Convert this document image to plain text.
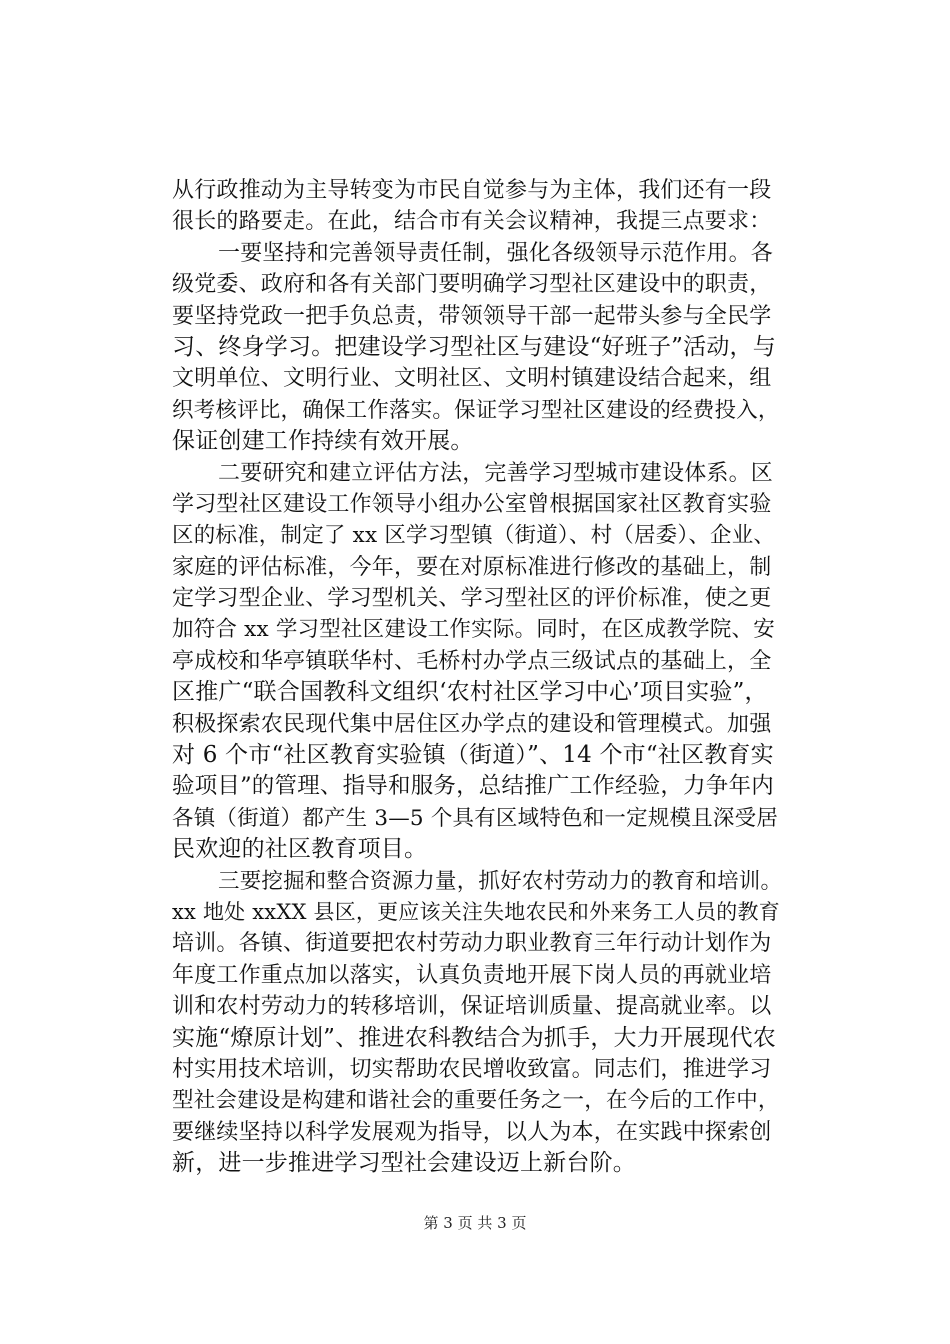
从行政推动为主导转变为市民自觉参与为主体，我们还有一段
很长的路要走。在此，结合市有关会议精神，我提三点要求：
一要坚持和完善领导责任制，强化各级领导示范作用。各
级党委、政府和各有关部门要明确学习型社区建设中的职责，
要坚持党政一把手负总责，带领领导干部一起带头参与全民学
习、终身学习。把建设学习型社区与建设“好班子”活动，与
文明单位、文明行业、文明社区、文明村镇建设结合起来，组
织考核评比，确保工作落实。保证学习型社区建设的经费投入，
保证创建工作持续有效开展。
二要研究和建立评估方法，完善学习型城市建设体系。区
学习型社区建设工作领导小组办公室曾根据国家社区教育实验
区的标准，制定了 xx 区学习型镇（街道）、村（居委）、企业、
家庭的评估标准，今年，要在对原标准进行修改的基础上，制
定学习型企业、学习型机关、学习型社区的评价标准，使之更
加符合 xx 学习型社区建设工作实际。同时，在区成教学院、安
亭成校和华亭镇联华村、毛桥村办学点三级试点的基础上，全
区推广“联合国教科文组织‘农村社区学习中心’项目实验”，
积极探索农民现代集中居住区办学点的建设和管理模式。加强
对 6 个市“社区教育实验镇（街道）”、14 个市“社区教育实
验项目”的管理、指导和服务，总结推广工作经验，力争年内
各镇（街道）都产生 3—5 个具有区域特色和一定规模且深受居
民欢迎的社区教育项目。
三要挖掘和整合资源力量，抓好农村劳动力的教育和培训。
xx 地处 xxXX 县区，更应该关注失地农民和外来务工人员的教育
培训。各镇、街道要把农村劳动力职业教育三年行动计划作为
年度工作重点加以落实，认真负责地开展下岗人员的再就业培
训和农村劳动力的转移培训，保证培训质量、提高就业率。以
实施“燎原计划”、推进农科教结合为抓手，大力开展现代农
村实用技术培训，切实帮助农民增收致富。同志们，推进学习
型社会建设是构建和谐社会的重要任务之一，在今后的工作中，
要继续坚持以科学发展观为指导，以人为本，在实践中探索创
新，进一步推进学习型社会建设迈上新台阶。
第 3 页 共 3 页
